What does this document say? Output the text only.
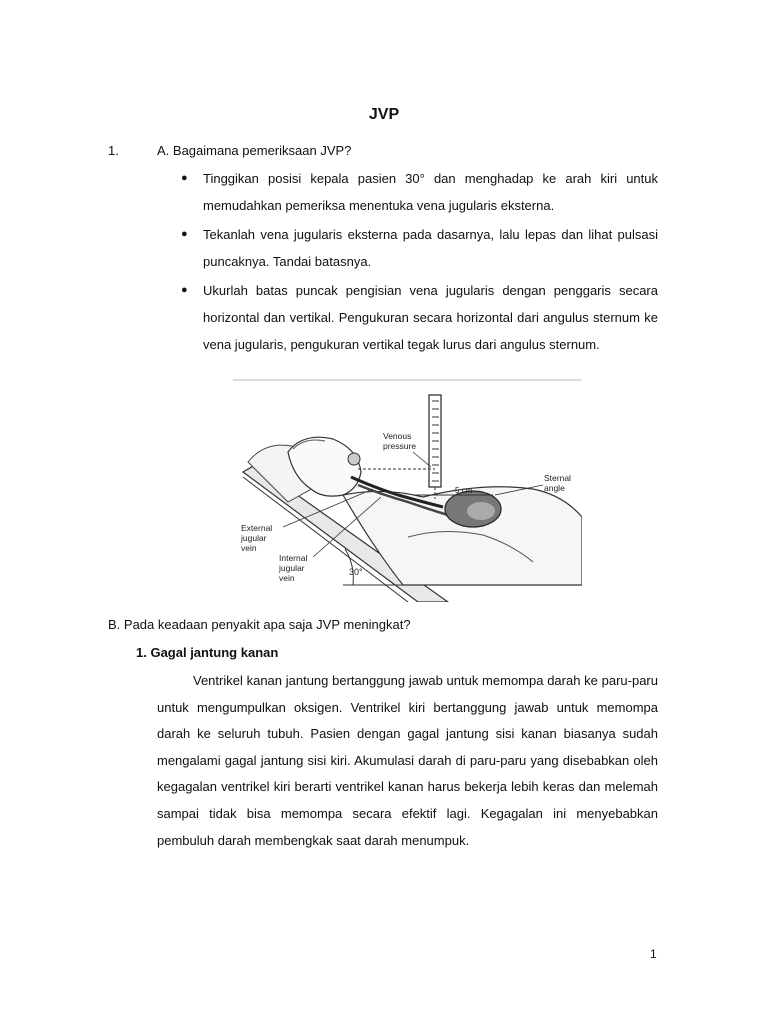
JVP
1.	A. Bagaimana pemeriksaan JVP?
●	Tinggikan posisi kepala pasien 30° dan menghadap ke arah kiri untuk memudahkan pemeriksa menentuka vena jugularis eksterna.
●	Tekanlah vena jugularis eksterna pada dasarnya, lalu lepas dan lihat pulsasi puncaknya. Tandai batasnya.
●	Ukurlah batas puncak pengisian vena jugularis dengan penggaris secara horizontal dan vertikal. Pengukuran secara horizontal dari angulus sternum ke vena jugularis, pengukuran vertikal tegak lurus dari angulus sternum.
Venous
pressure
Sternal
angle
5 cm
External
jugular
vein
Internal
jugular
vein
30°
B. Pada keadaan penyakit apa saja JVP meningkat?
1. Gagal jantung kanan
Ventrikel kanan jantung bertanggung jawab untuk memompa darah ke paru-paru untuk mengumpulkan oksigen. Ventrikel kiri bertanggung jawab untuk memompa darah ke seluruh tubuh. Pasien dengan gagal jantung sisi kanan biasanya sudah mengalami gagal jantung sisi kiri. Akumulasi darah di paru-paru yang disebabkan oleh kegagalan ventrikel kiri berarti ventrikel kanan harus bekerja lebih keras dan melemah sampai tidak bisa memompa secara efektif lagi. Kegagalan ini menyebabkan pembuluh darah membengkak saat darah menumpuk.
1
